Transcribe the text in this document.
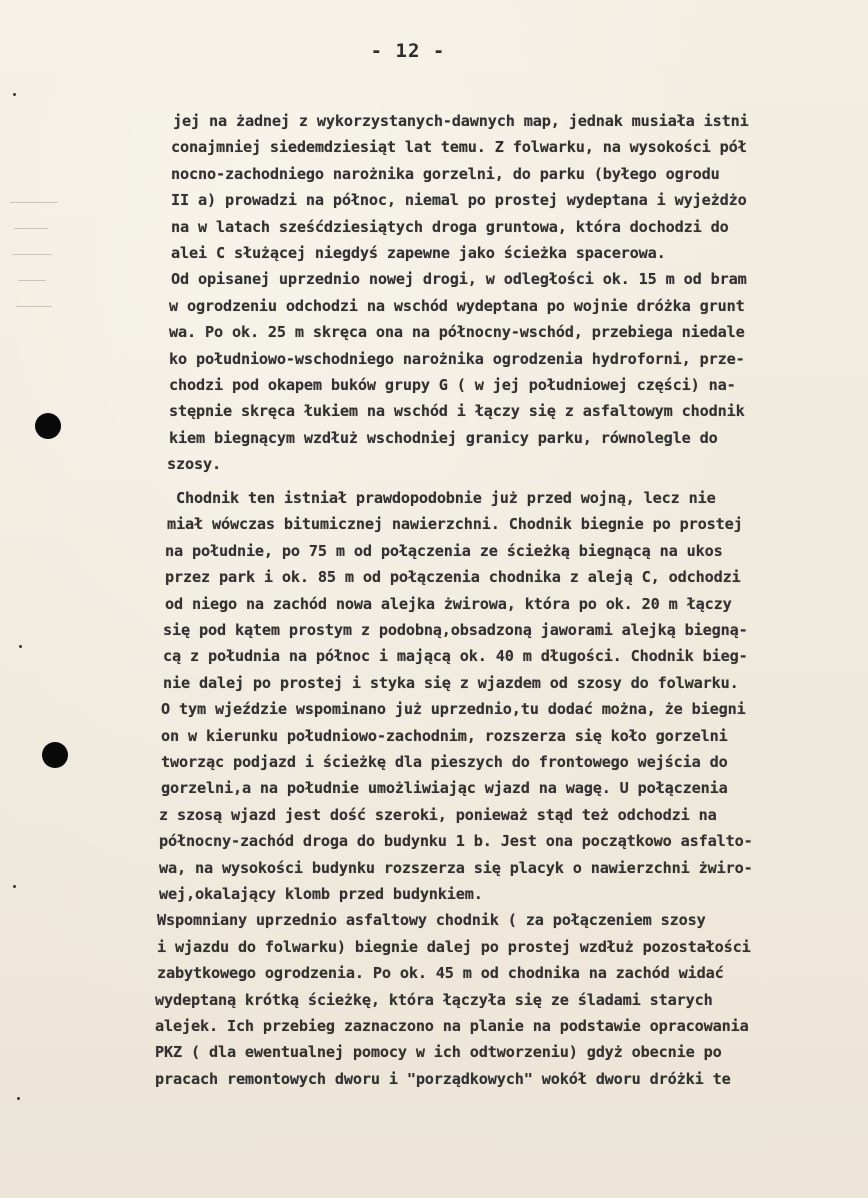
- 12 -
jej na żadnej z wykorzystanych-dawnych map, jednak musiała istni
conajmniej siedemdziesiąt lat temu. Z folwarku, na wysokości pół
nocno-zachodniego narożnika gorzelni, do parku (byłego ogrodu
II a) prowadzi na północ, niemal po prostej wydeptana i wyjeżdżo
na w latach sześćdziesiątych droga gruntowa, która dochodzi do
alei C służącej niegdyś zapewne jako ścieżka spacerowa.
Od opisanej uprzednio nowej drogi, w odległości ok. 15 m od bram
w ogrodzeniu odchodzi na wschód wydeptana po wojnie dróżka grunt
wa. Po ok. 25 m skręca ona na północny-wschód, przebiega niedale
ko południowo-wschodniego narożnika ogrodzenia hydroforni, prze-
chodzi pod okapem buków grupy G ( w jej południowej części) na-
stępnie skręca łukiem na wschód i łączy się z asfaltowym chodnik
kiem biegnącym wzdłuż wschodniej granicy parku, równolegle do
szosy.
Chodnik ten istniał prawdopodobnie już przed wojną, lecz nie
miał wówczas bitumicznej nawierzchni. Chodnik biegnie po prostej
na południe, po 75 m od połączenia ze ścieżką biegnącą na ukos
przez park i ok. 85 m od połączenia chodnika z aleją C, odchodzi
od niego na zachód nowa alejka żwirowa, która po ok. 20 m łączy
się pod kątem prostym z podobną,obsadzoną jaworami alejką biegną-
cą z południa na północ i mającą ok. 40 m długości. Chodnik bieg-
nie dalej po prostej i styka się z wjazdem od szosy do folwarku.
O tym wjeździe wspominano już uprzednio,tu dodać można, że biegni
on w kierunku południowo-zachodnim, rozszerza się koło gorzelni
tworząc podjazd i ścieżkę dla pieszych do frontowego wejścia do
gorzelni,a na południe umożliwiając wjazd na wagę. U połączenia
z szosą wjazd jest dość szeroki, ponieważ stąd też odchodzi na
północny-zachód droga do budynku 1 b. Jest ona początkowo asfalto-
wa, na wysokości budynku rozszerza się placyk o nawierzchni żwiro-
wej,okalający klomb przed budynkiem.
Wspomniany uprzednio asfaltowy chodnik ( za połączeniem szosy
i wjazdu do folwarku) biegnie dalej po prostej wzdłuż pozostałości
zabytkowego ogrodzenia. Po ok. 45 m od chodnika na zachód widać
wydeptaną krótką ścieżkę, która łączyła się ze śladami starych
alejek. Ich przebieg zaznaczono na planie na podstawie opracowania
PKZ ( dla ewentualnej pomocy w ich odtworzeniu) gdyż obecnie po
pracach remontowych dworu i "porządkowych" wokół dworu dróżki te
